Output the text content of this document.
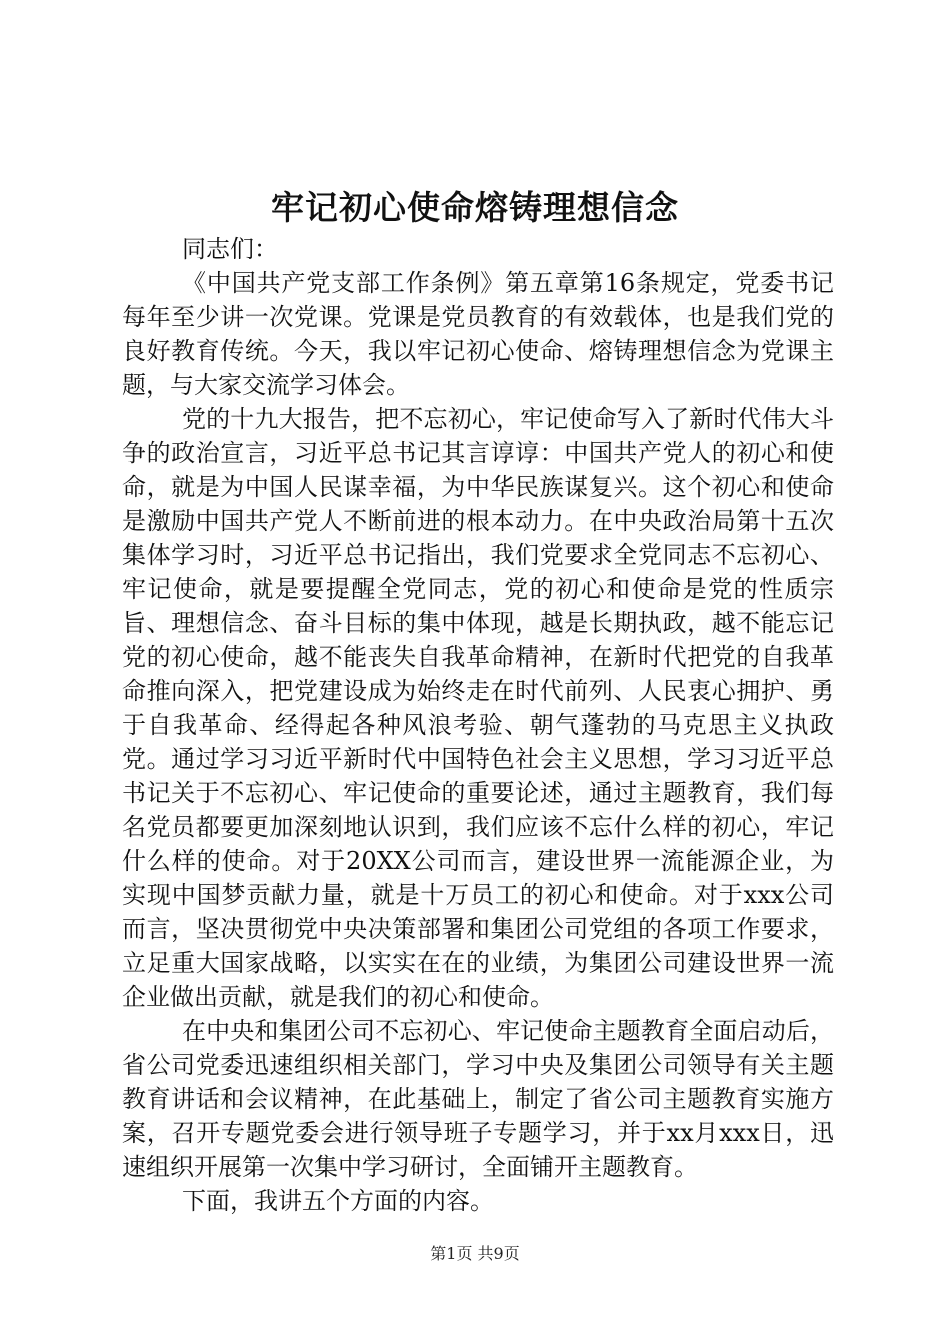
牢记初心使命熔铸理想信念

同志们：

《中国共产党支部工作条例》第五章第16条规定，党委书记每年至少讲一次党课。党课是党员教育的有效载体，也是我们党的良好教育传统。今天，我以牢记初心使命、熔铸理想信念为党课主题，与大家交流学习体会。

党的十九大报告，把不忘初心，牢记使命写入了新时代伟大斗争的政治宣言，习近平总书记其言谆谆：中国共产党人的初心和使命，就是为中国人民谋幸福，为中华民族谋复兴。这个初心和使命是激励中国共产党人不断前进的根本动力。在中央政治局第十五次集体学习时，习近平总书记指出，我们党要求全党同志不忘初心、牢记使命，就是要提醒全党同志，党的初心和使命是党的性质宗旨、理想信念、奋斗目标的集中体现，越是长期执政，越不能忘记党的初心使命，越不能丧失自我革命精神，在新时代把党的自我革命推向深入，把党建设成为始终走在时代前列、人民衷心拥护、勇于自我革命、经得起各种风浪考验、朝气蓬勃的马克思主义执政党。通过学习习近平新时代中国特色社会主义思想，学习习近平总书记关于不忘初心、牢记使命的重要论述，通过主题教育，我们每名党员都要更加深刻地认识到，我们应该不忘什么样的初心，牢记什么样的使命。对于20XX公司而言，建设世界一流能源企业，为实现中国梦贡献力量，就是十万员工的初心和使命。对于xxx公司而言，坚决贯彻党中央决策部署和集团公司党组的各项工作要求，立足重大国家战略，以实实在在的业绩，为集团公司建设世界一流企业做出贡献，就是我们的初心和使命。

在中央和集团公司不忘初心、牢记使命主题教育全面启动后，省公司党委迅速组织相关部门，学习中央及集团公司领导有关主题教育讲话和会议精神，在此基础上，制定了省公司主题教育实施方案，召开专题党委会进行领导班子专题学习，并于xx月xxx日，迅速组织开展第一次集中学习研讨，全面铺开主题教育。

下面，我讲五个方面的内容。

第1页 共9页
